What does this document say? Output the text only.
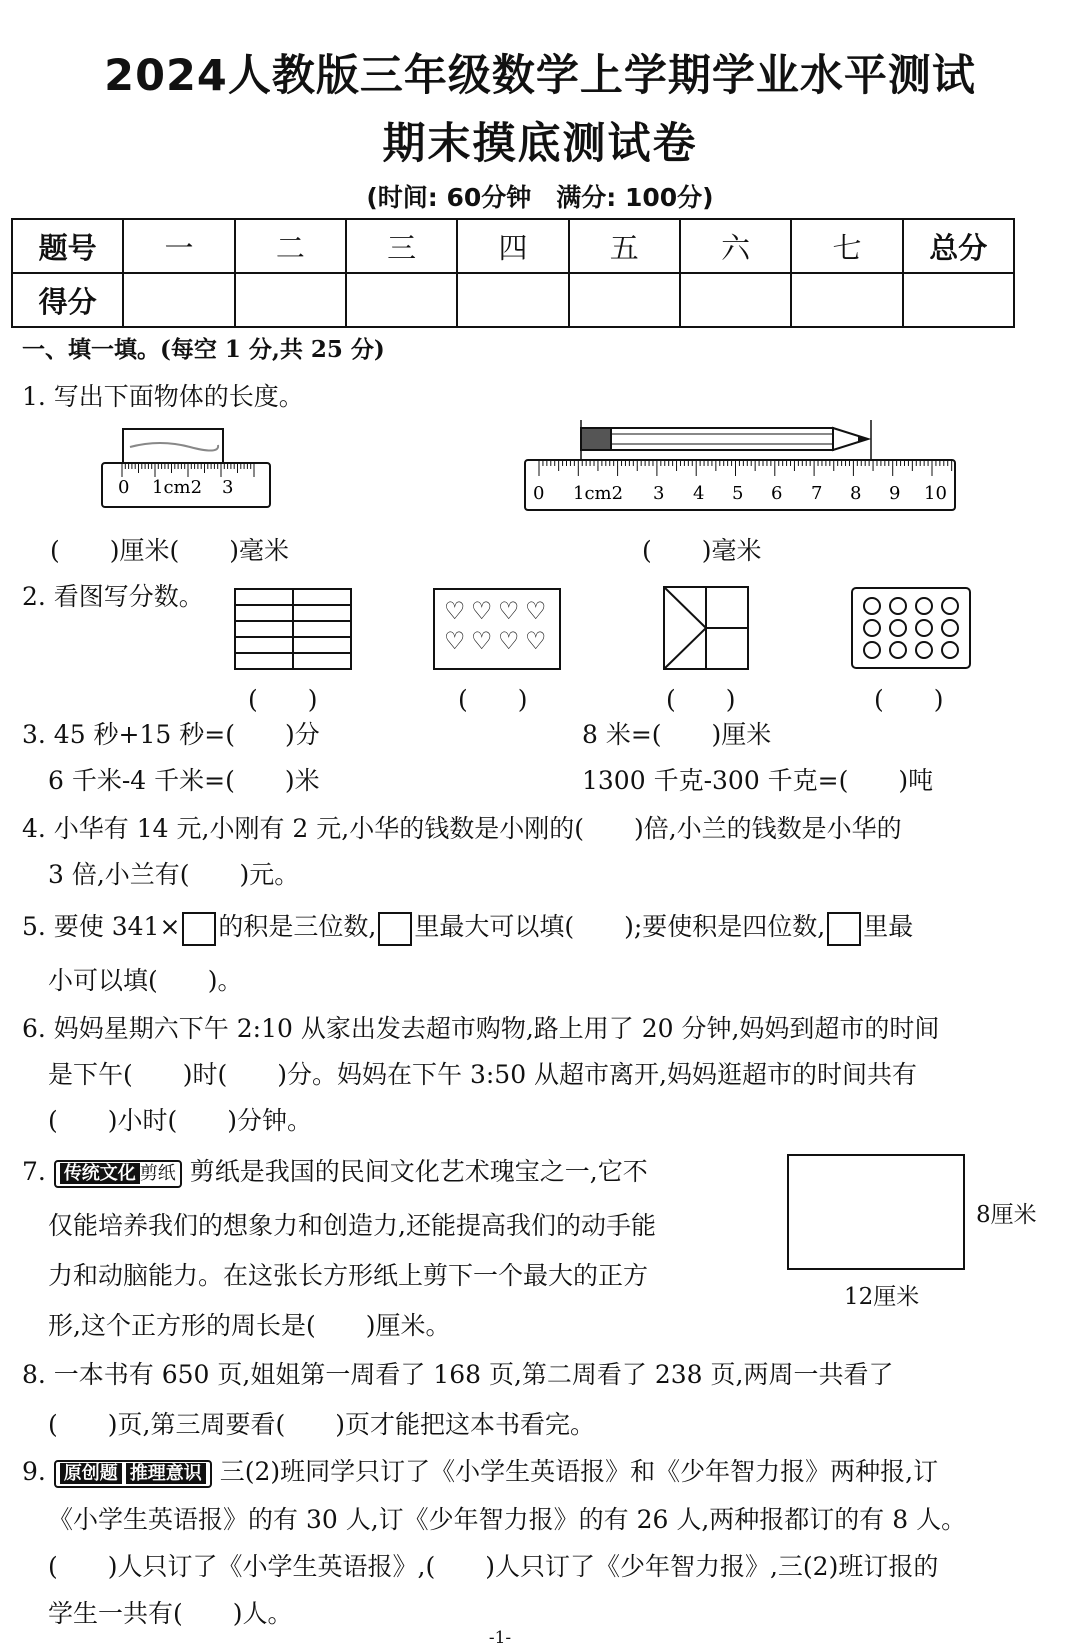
2024人教版三年级数学上学期学业水平测试
期末摸底测试卷
(时间: 60分钟　满分: 100分)
题号	一	二	三	四	五	六	七	总分
得分								
一、填一填。(每空 1 分,共 25 分)
1. 写出下面物体的长度。
0 1cm2 3	0 1cm2 3 4 5 6 7 8 9 10
(　　)厘米(　　)毫米	(　　)毫米
2. 看图写分数。	♡ ♡ ♡ ♡
♡ ♡ ♡ ♡
(　　)	(　　)	(　　)	(　　)
3. 45 秒+15 秒=(　　)分	8 米=(　　)厘米
6 千米-4 千米=(　　)米	1300 千克-300 千克=(　　)吨
4. 小华有 14 元,小刚有 2 元,小华的钱数是小刚的(　　)倍,小兰的钱数是小华的
3 倍,小兰有(　　)元。
5. 要使 341× 的积是三位数, 里最大可以填(　　);要使积是四位数, 里最
小可以填(　　)。
6. 妈妈星期六下午 2:10 从家出发去超市购物,路上用了 20 分钟,妈妈到超市的时间
是下午(　　)时(　　)分。妈妈在下午 3:50 从超市离开,妈妈逛超市的时间共有
(　　)小时(　　)分钟。
7. 传统文化 剪纸 剪纸是我国的民间文化艺术瑰宝之一,它不
仅能培养我们的想象力和创造力,还能提高我们的动手能
力和动脑能力。在这张长方形纸上剪下一个最大的正方
形,这个正方形的周长是(　　)厘米。
8厘米
12厘米
8. 一本书有 650 页,姐姐第一周看了 168 页,第二周看了 238 页,两周一共看了
(　　)页,第三周要看(　　)页才能把这本书看完。
9. 原创题 推理意识 三(2)班同学只订了《小学生英语报》和《少年智力报》两种报,订
《小学生英语报》的有 30 人,订《少年智力报》的有 26 人,两种报都订的有 8 人。
(　　)人只订了《小学生英语报》,(　　)人只订了《少年智力报》,三(2)班订报的
学生一共有(　　)人。
-1-
